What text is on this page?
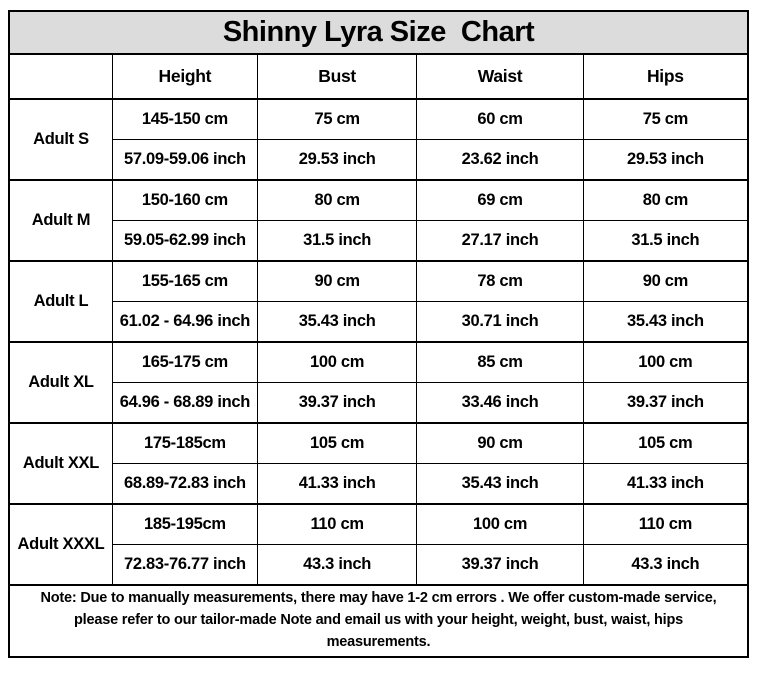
Shinny Lyra Size  Chart				
	Height	Bust	Waist	Hips
Adult S	145-150 cm	75 cm	60 cm	75 cm
	57.09-59.06 inch	29.53 inch	23.62 inch	29.53 inch
Adult M	150-160 cm	80 cm	69 cm	80 cm
	59.05-62.99 inch	31.5 inch	27.17 inch	31.5 inch
Adult L	155-165 cm	90 cm	78 cm	90 cm
	61.02 - 64.96 inch	35.43 inch	30.71 inch	35.43 inch
Adult XL	165-175 cm	100 cm	85 cm	100 cm
	64.96 - 68.89 inch	39.37 inch	33.46 inch	39.37 inch
Adult XXL	175-185cm	105 cm	90 cm	105 cm
	68.89-72.83 inch	41.33 inch	35.43 inch	41.33 inch
Adult XXXL	185-195cm	110 cm	100 cm	110 cm
	72.83-76.77 inch	43.3 inch	39.37 inch	43.3 inch

Note: Due to manually measurements, there may have 1-2 cm errors . We offer custom-made service,
please refer to our tailor-made Note and email us with your height, weight, bust, waist, hips
measurements.				
